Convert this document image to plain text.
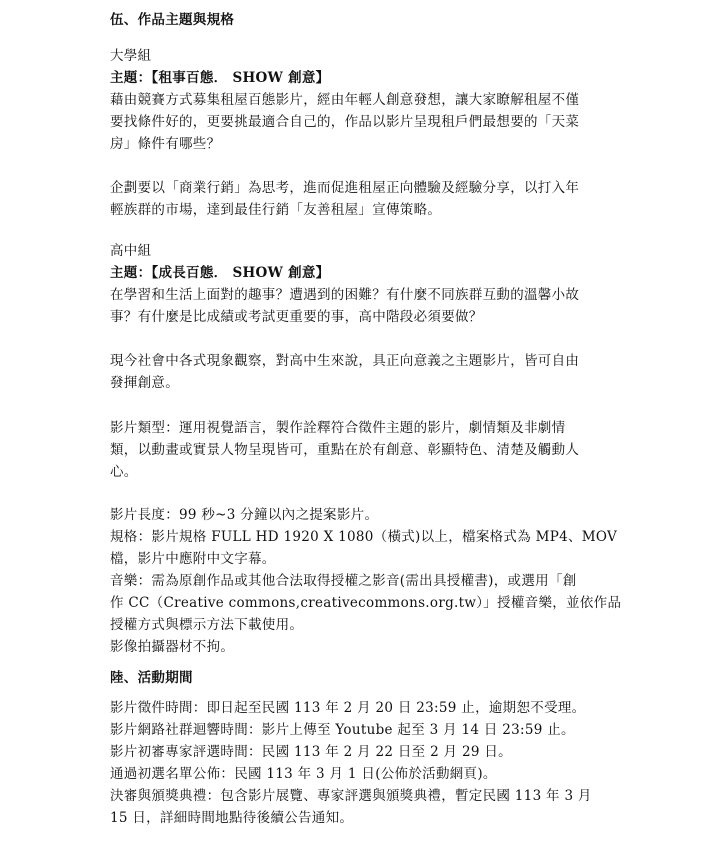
伍、作品主題與規格

大學組

主題：【租事百態． SHOW 創意】

藉由競賽方式募集租屋百態影片，經由年輕人創意發想，讓大家瞭解租屋不僅

要找條件好的，更要挑最適合自己的，作品以影片呈現租戶們最想要的「天菜

房」條件有哪些？

企劃要以「商業行銷」為思考，進而促進租屋正向體驗及經驗分享，以打入年

輕族群的市場，達到最佳行銷「友善租屋」宣傳策略。

高中組

主題：【成長百態． SHOW 創意】

在學習和生活上面對的趣事？遭遇到的困難？有什麼不同族群互動的溫馨小故

事？有什麼是比成績或考試更重要的事，高中階段必須要做？

現今社會中各式現象觀察，對高中生來說，具正向意義之主題影片，皆可自由

發揮創意。

影片類型：運用視覺語言，製作詮釋符合徵件主題的影片，劇情類及非劇情

類，以動畫或實景人物呈現皆可，重點在於有創意、彰顯特色、清楚及觸動人

心。

影片長度：99 秒~3 分鐘以內之提案影片。

規格：影片規格 FULL HD 1920 X 1080（橫式)以上，檔案格式為 MP4、MOV

檔，影片中應附中文字幕。

音樂：需為原創作品或其他合法取得授權之影音(需出具授權書)，或選用「創

作 CC（Creative commons,creativecommons.org.tw）」授權音樂，並依作品

授權方式與標示方法下載使用。

影像拍攝器材不拘。

陸、活動期間

影片徵件時間：即日起至民國 113 年 2 月 20 日 23:59 止，逾期恕不受理。

影片網路社群迴響時間：影片上傳至 Youtube 起至 3 月 14 日 23:59 止。

影片初審專家評選時間：民國 113 年 2 月 22 日至 2 月 29 日。

通過初選名單公佈：民國 113 年 3 月 1 日(公佈於活動網頁)。

決審與頒獎典禮：包含影片展覽、專家評選與頒獎典禮，暫定民國 113 年 3 月

15 日，詳細時間地點待後續公告通知。
